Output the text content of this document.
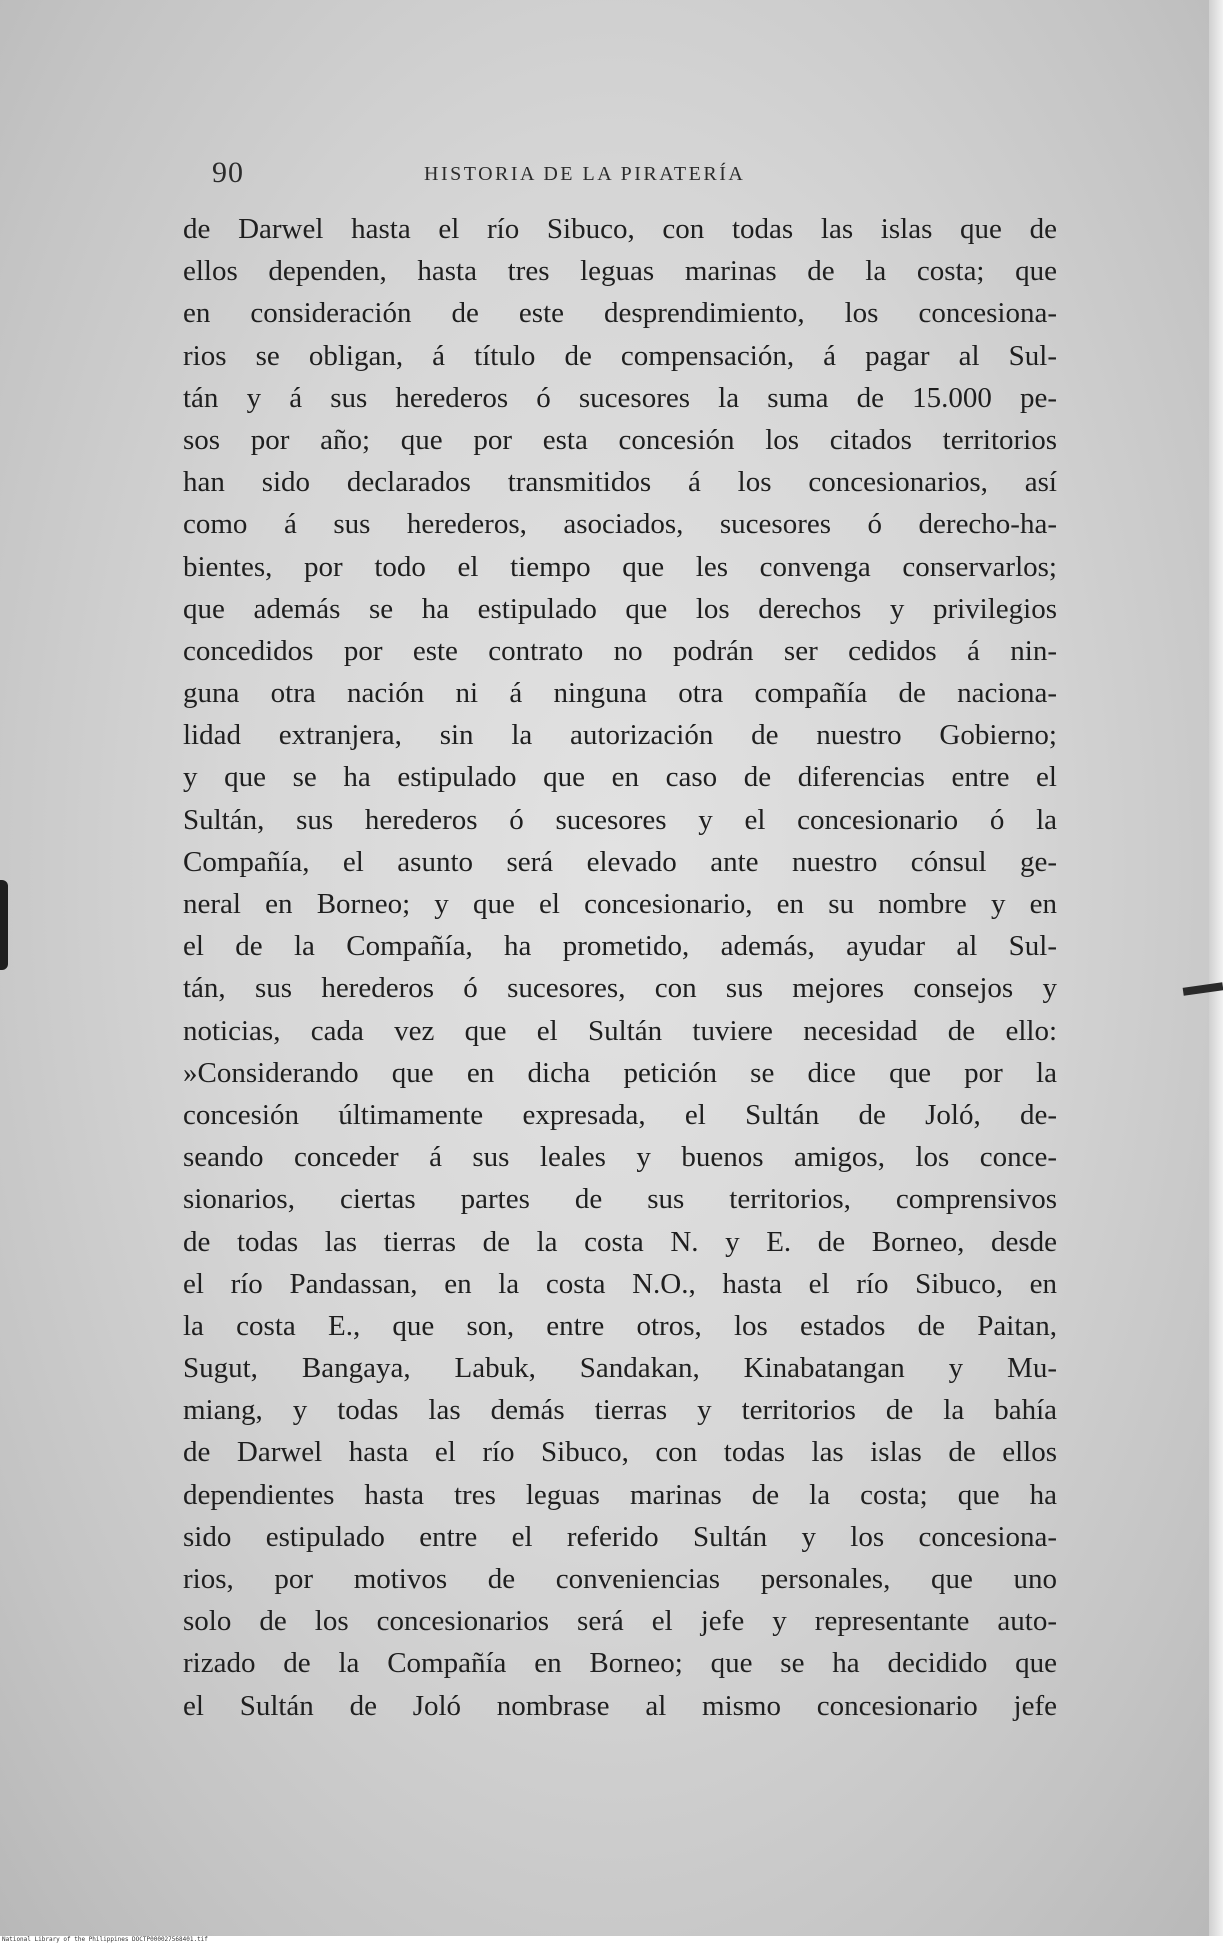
90	HISTORIA DE LA PIRATERÍA
de Darwel hasta el río Sibuco, con todas las islas que de
ellos dependen, hasta tres leguas marinas de la costa; que
en consideración de este desprendimiento, los concesiona-
rios se obligan, á título de compensación, á pagar al Sul-
tán y á sus herederos ó sucesores la suma de 15.000 pe-
sos por año; que por esta concesión los citados territorios
han sido declarados transmitidos á los concesionarios, así
como á sus herederos, asociados, sucesores ó derecho-ha-
bientes, por todo el tiempo que les convenga conservarlos;
que además se ha estipulado que los derechos y privilegios
concedidos por este contrato no podrán ser cedidos á nin-
guna otra nación ni á ninguna otra compañía de naciona-
lidad extranjera, sin la autorización de nuestro Gobierno;
y que se ha estipulado que en caso de diferencias entre el
Sultán, sus herederos ó sucesores y el concesionario ó la
Compañía, el asunto será elevado ante nuestro cónsul ge-
neral en Borneo; y que el concesionario, en su nombre y en
el de la Compañía, ha prometido, además, ayudar al Sul-
tán, sus herederos ó sucesores, con sus mejores consejos y
noticias, cada vez que el Sultán tuviere necesidad de ello:
»Considerando que en dicha petición se dice que por la
concesión últimamente expresada, el Sultán de Joló, de-
seando conceder á sus leales y buenos amigos, los conce-
sionarios, ciertas partes de sus territorios, comprensivos
de todas las tierras de la costa N. y E. de Borneo, desde
el río Pandassan, en la costa N.O., hasta el río Sibuco, en
la costa E., que son, entre otros, los estados de Paitan,
Sugut, Bangaya, Labuk, Sandakan, Kinabatangan y Mu-
miang, y todas las demás tierras y territorios de la bahía
de Darwel hasta el río Sibuco, con todas las islas de ellos
dependientes hasta tres leguas marinas de la costa; que ha
sido estipulado entre el referido Sultán y los concesiona-
rios, por motivos de conveniencias personales, que uno
solo de los concesionarios será el jefe y representante auto-
rizado de la Compañía en Borneo; que se ha decidido que
el Sultán de Joló nombrase al mismo concesionario jefe
National Library of the Philippines DOCTP000027568401.tif
